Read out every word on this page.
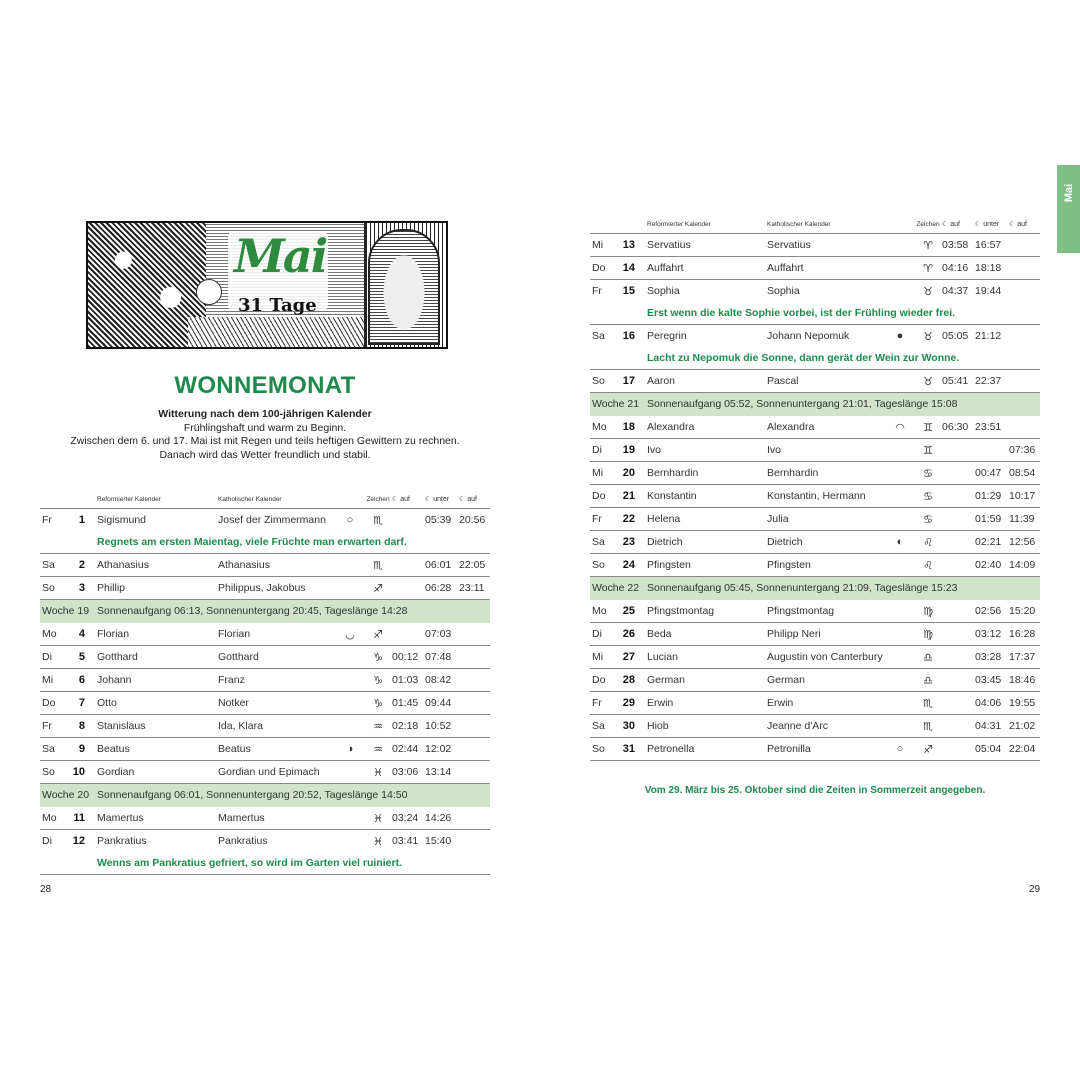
Mai
31 Tage
WONNEMONAT
Witterung nach dem 100-jährigen Kalender
Frühlingshaft und warm zu Beginn.
Zwischen dem 6. und 17. Mai ist mit Regen und teils heftigen Gewittern zu rechnen.
Danach wird das Wetter freundlich und stabil.
		Reformierter Kalender	Katholischer Kalender		Zeichen	☾ auf	☾ unter	☾ auf
Fr	1	Sigismund	Josef der Zimmermann	○	♏		05:39	20:56
		Regnets am ersten Maientag, viele Früchte man erwarten darf.						
Sa	2	Athanasius	Athanasius		♏		06:01	22:05
So	3	Phillip	Philippus, Jakobus		♐		06:28	23:11
Woche 19		Sonnenaufgang 06:13, Sonnenuntergang 20:45, Tageslänge 14:28						
Mo	4	Florian	Florian	◡	♐		07:03	
Di	5	Gotthard	Gotthard		♑	00:12	07:48	
Mi	6	Johann	Franz		♑	01:03	08:42	
Do	7	Otto	Notker		♑	01:45	09:44	
Fr	8	Stanislaus	Ida, Klara		♒	02:18	10:52	
Sa	9	Beatus	Beatus	◑	♒	02:44	12:02	
So	10	Gordian	Gordian und Epimach		♓	03:06	13:14	
Woche 20		Sonnenaufgang 06:01, Sonnenuntergang 20:52, Tageslänge 14:50						
Mo	11	Mamertus	Mamertus		♓	03:24	14:26	
Di	12	Pankratius	Pankratius		♓	03:41	15:40	
		Wenns am Pankratius gefriert, so wird im Garten viel ruiniert.						
28
		Reformierter Kalender	Katholischer Kalender		Zeichen	☾ auf	☾ unter	☾ auf
Mi	13	Servatius	Servatius		♈	03:58	16:57	
Do	14	Auffahrt	Auffahrt		♈	04:16	18:18	
Fr	15	Sophia	Sophia		♉	04:37	19:44	
		Erst wenn die kalte Sophie vorbei, ist der Frühling wieder frei.						
Sa	16	Peregrin	Johann Nepomuk	●	♉	05:05	21:12	
		Lacht zu Nepomuk die Sonne, dann gerät der Wein zur Wonne.						
So	17	Aaron	Pascal		♉	05:41	22:37	
Woche 21		Sonnenaufgang 05:52, Sonnenuntergang 21:01, Tageslänge 15:08						
Mo	18	Alexandra	Alexandra	◠	♊	06:30	23:51	
Di	19	Ivo	Ivo		♊			07:36
Mi	20	Bernhardin	Bernhardin		♋		00:47	08:54
Do	21	Konstantin	Konstantin, Hermann		♋		01:29	10:17
Fr	22	Helena	Julia		♋		01:59	11:39
Sa	23	Dietrich	Dietrich	◐	♌		02:21	12:56
So	24	Pfingsten	Pfingsten		♌		02:40	14:09
Woche 22		Sonnenaufgang 05:45, Sonnenuntergang 21:09, Tageslänge 15:23						
Mo	25	Pfingstmontag	Pfingstmontag		♍		02:56	15:20
Di	26	Beda	Philipp Neri		♍		03:12	16:28
Mi	27	Lucian	Augustin von Canterbury		♎		03:28	17:37
Do	28	German	German		♎		03:45	18:46
Fr	29	Erwin	Erwin		♏		04:06	19:55
Sa	30	Hiob	Jeanne d'Arc		♏		04:31	21:02
So	31	Petronella	Petronilla	○	♐		05:04	22:04
Vom 29. März bis 25. Oktober sind die Zeiten in Sommerzeit angegeben.
29
Mai
